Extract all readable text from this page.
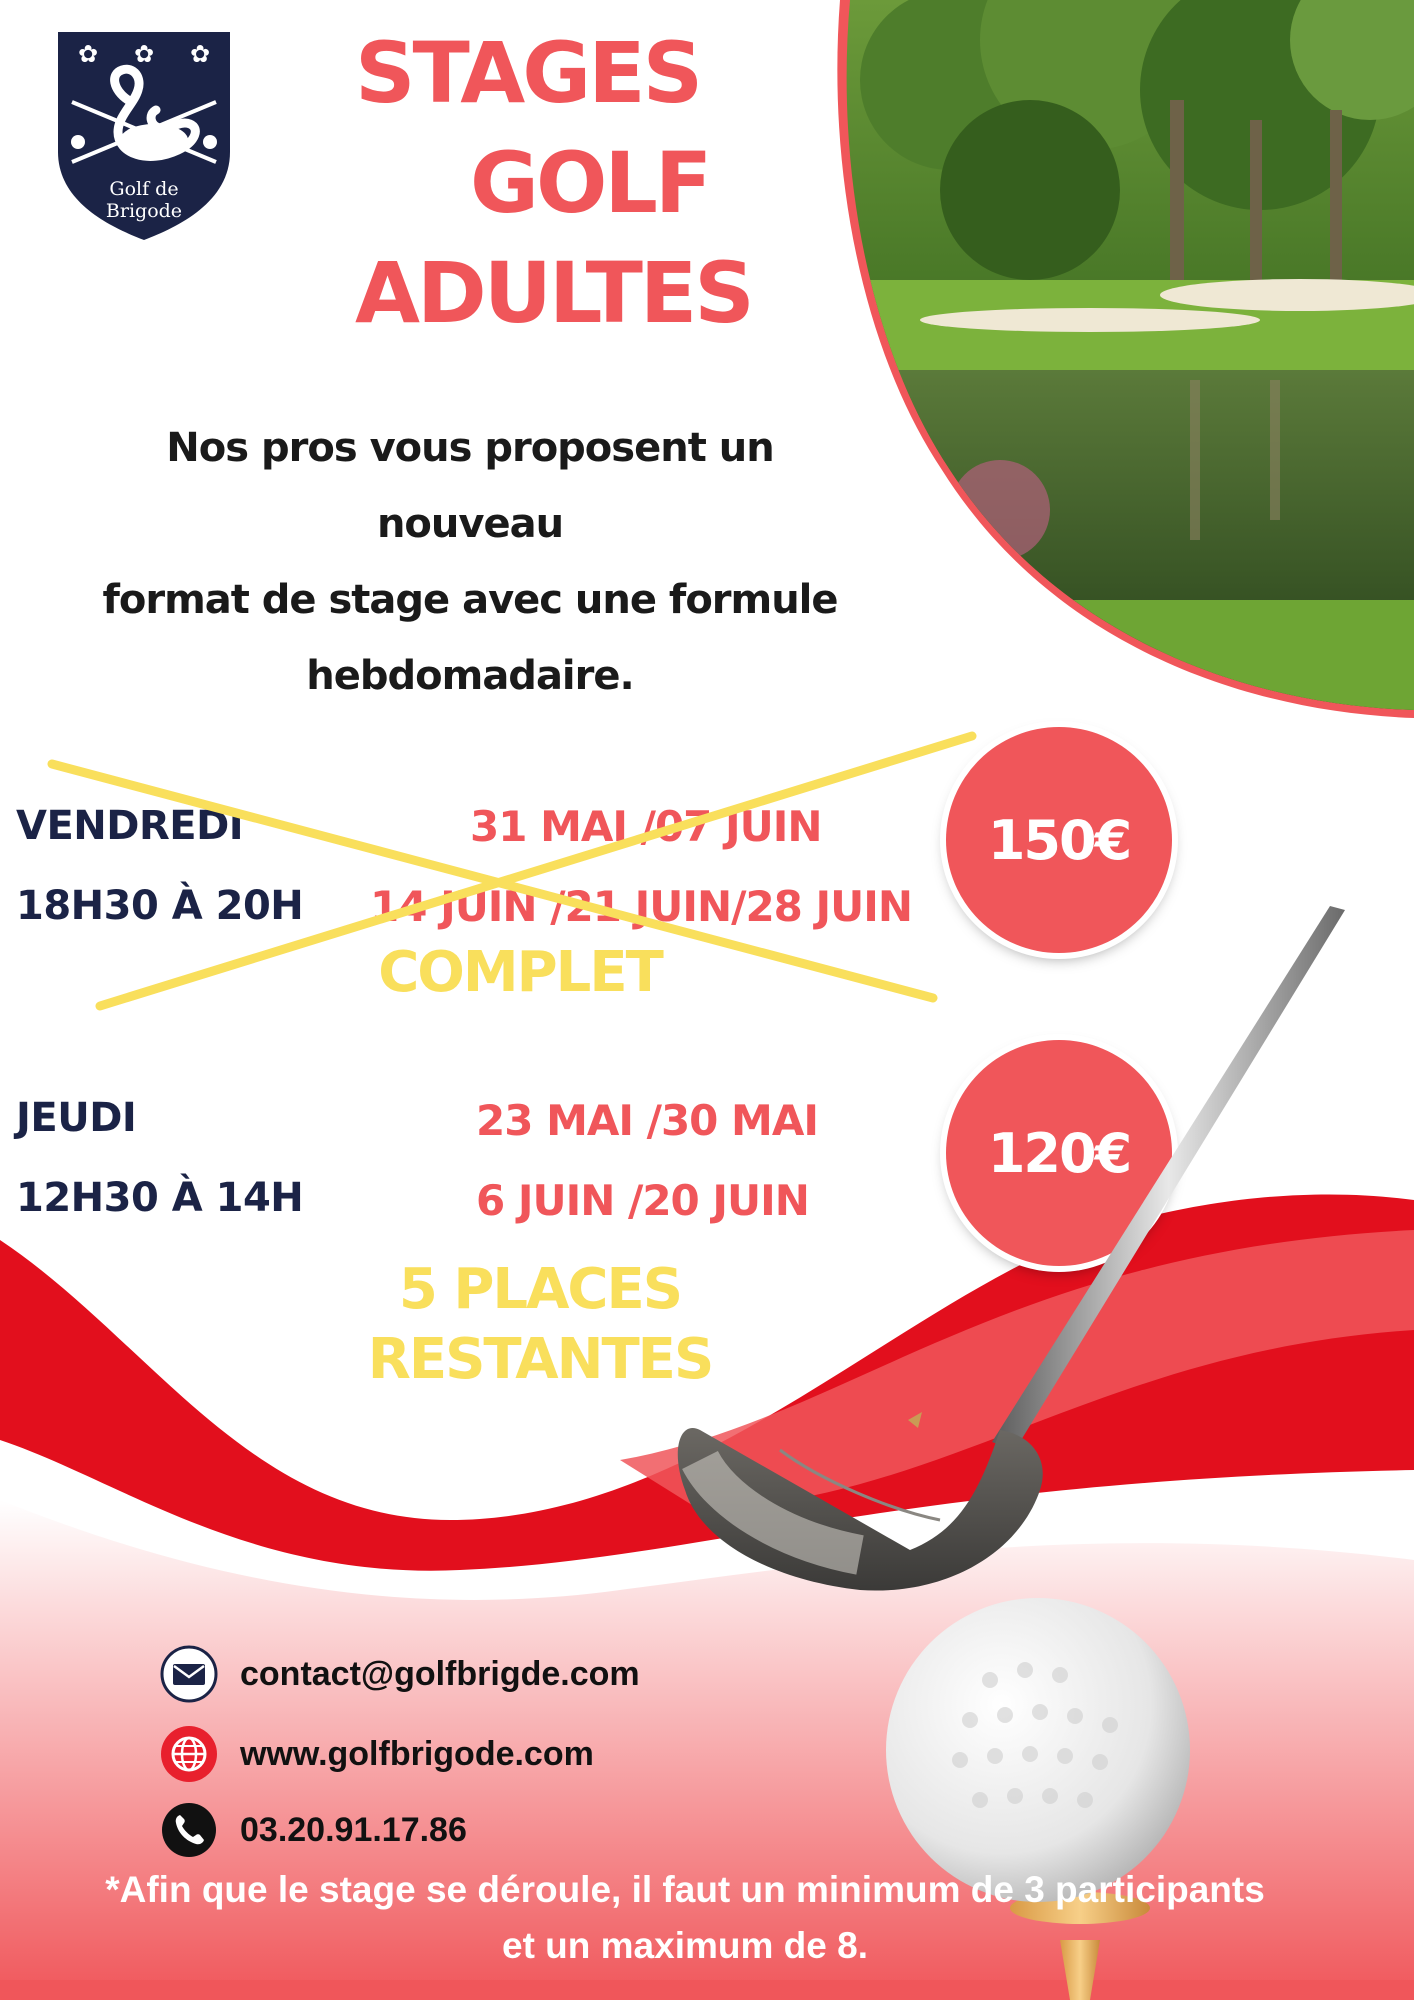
✿ ✿ ✿
Golf de
Brigode
STAGES
GOLF
ADULTES
Nos pros vous proposent un nouveau
format de stage avec une formule
hebdomadaire.
VENDREDI
18H30 À 20H
31 MAI /07 JUIN
14 JUIN /21 JUIN/28 JUIN
COMPLET
150€
JEUDI
12H30 À 14H
23 MAI /30 MAI
6 JUIN /20 JUIN
5 PLACES
RESTANTES
120€
contact@golfbrigde.com
www.golfbrigode.com
03.20.91.17.86
*Afin que le stage se déroule, il faut un minimum de 3 participants
et un maximum de 8.
